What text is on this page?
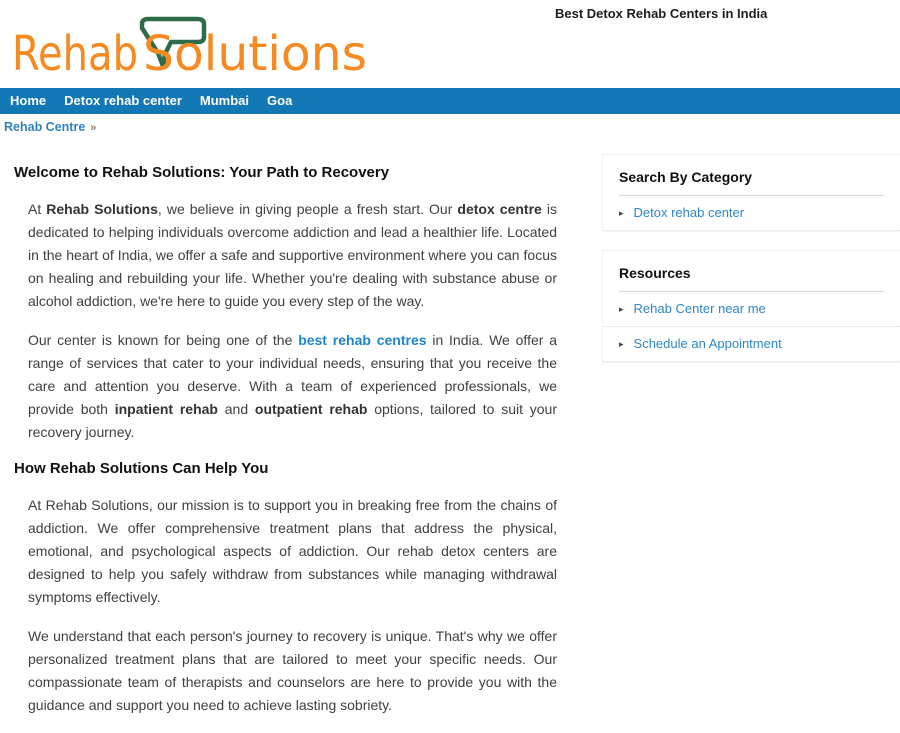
Best Detox Rehab Centers in India
Rehab Solutions
Home	Detox rehab center	Mumbai	Goa
Rehab Centre »
Welcome to Rehab Solutions: Your Path to Recovery

At Rehab Solutions, we believe in giving people a fresh start. Our detox centre is dedicated to helping individuals overcome addiction and lead a healthier life. Located in the heart of India, we offer a safe and supportive environment where you can focus on healing and rebuilding your life. Whether you're dealing with substance abuse or alcohol addiction, we're here to guide you every step of the way.

Our center is known for being one of the best rehab centres in India. We offer a range of services that cater to your individual needs, ensuring that you receive the care and attention you deserve. With a team of experienced professionals, we provide both inpatient rehab and outpatient rehab options, tailored to suit your recovery journey.

How Rehab Solutions Can Help You

At Rehab Solutions, our mission is to support you in breaking free from the chains of addiction. We offer comprehensive treatment plans that address the physical, emotional, and psychological aspects of addiction. Our rehab detox centers are designed to help you safely withdraw from substances while managing withdrawal symptoms effectively.

We understand that each person's journey to recovery is unique. That's why we offer personalized treatment plans that are tailored to meet your specific needs. Our compassionate team of therapists and counselors are here to provide you with the guidance and support you need to achieve lasting sobriety.

Search By Category
▸ Detox rehab center
Resources
▸ Rehab Center near me
▸ Schedule an Appointment
